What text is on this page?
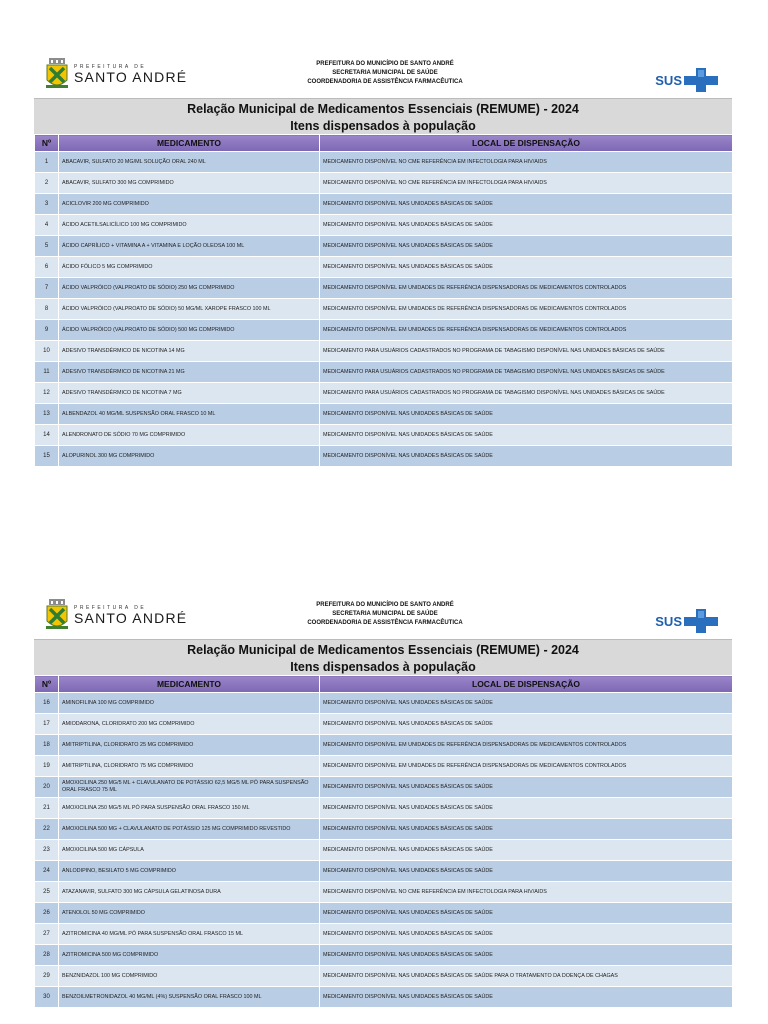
PREFEITURA DE
SANTO ANDRÉ
PREFEITURA DO MUNICÍPIO DE SANTO ANDRÉ
SECRETARIA MUNICIPAL DE SAÚDE
COORDENADORIA DE ASSISTÊNCIA FARMACÊUTICA	SUS
Relação Municipal de Medicamentos Essenciais (REMUME) - 2024
Itens dispensados à população
Nº	MEDICAMENTO	LOCAL DE DISPENSAÇÃO
1	ABACAVIR, SULFATO 20 MG/ML SOLUÇÃO ORAL 240 ML	MEDICAMENTO DISPONÍVEL NO CME REFERÊNCIA EM INFECTOLOGIA PARA HIV/AIDS
2	ABACAVIR, SULFATO 300 MG COMPRIMIDO	MEDICAMENTO DISPONÍVEL NO CME REFERÊNCIA EM INFECTOLOGIA PARA HIV/AIDS
3	ACICLOVIR 200 MG COMPRIMIDO	MEDICAMENTO DISPONÍVEL NAS UNIDADES BÁSICAS DE SAÚDE
4	ÁCIDO ACETILSALICÍLICO 100 MG COMPRIMIDO	MEDICAMENTO DISPONÍVEL NAS UNIDADES BÁSICAS DE SAÚDE
5	ÁCIDO CAPRÍLICO + VITAMINA A + VITAMINA E LOÇÃO OLEOSA 100 ML	MEDICAMENTO DISPONÍVEL NAS UNIDADES BÁSICAS DE SAÚDE
6	ÁCIDO FÓLICO 5 MG COMPRIMIDO	MEDICAMENTO DISPONÍVEL NAS UNIDADES BÁSICAS DE SAÚDE
7	ÁCIDO VALPRÓICO (VALPROATO DE SÓDIO) 250 MG COMPRIMIDO	MEDICAMENTO DISPONÍVEL EM UNIDADES DE REFERÊNCIA DISPENSADORAS DE MEDICAMENTOS CONTROLADOS
8	ÁCIDO VALPRÓICO (VALPROATO DE SÓDIO) 50 MG/ML XAROPE FRASCO 100 ML	MEDICAMENTO DISPONÍVEL EM UNIDADES DE REFERÊNCIA DISPENSADORAS DE MEDICAMENTOS CONTROLADOS
9	ÁCIDO VALPRÓICO (VALPROATO DE SÓDIO) 500 MG COMPRIMIDO	MEDICAMENTO DISPONÍVEL EM UNIDADES DE REFERÊNCIA DISPENSADORAS DE MEDICAMENTOS CONTROLADOS
10	ADESIVO TRANSDÉRMICO DE NICOTINA 14 MG	MEDICAMENTO PARA USUÁRIOS CADASTRADOS NO PROGRAMA DE TABAGISMO DISPONÍVEL NAS UNIDADES BÁSICAS DE SAÚDE
11	ADESIVO TRANSDÉRMICO DE NICOTINA 21 MG	MEDICAMENTO PARA USUÁRIOS CADASTRADOS NO PROGRAMA DE TABAGISMO DISPONÍVEL NAS UNIDADES BÁSICAS DE SAÚDE
12	ADESIVO TRANSDÉRMICO DE NICOTINA 7 MG	MEDICAMENTO PARA USUÁRIOS CADASTRADOS NO PROGRAMA DE TABAGISMO DISPONÍVEL NAS UNIDADES BÁSICAS DE SAÚDE
13	ALBENDAZOL 40 MG/ML SUSPENSÃO ORAL FRASCO 10 ML	MEDICAMENTO DISPONÍVEL NAS UNIDADES BÁSICAS DE SAÚDE
14	ALENDRONATO DE SÓDIO 70 MG COMPRIMIDO	MEDICAMENTO DISPONÍVEL NAS UNIDADES BÁSICAS DE SAÚDE
15	ALOPURINOL 300 MG COMPRIMIDO	MEDICAMENTO DISPONÍVEL NAS UNIDADES BÁSICAS DE SAÚDE
PREFEITURA DE
SANTO ANDRÉ
PREFEITURA DO MUNICÍPIO DE SANTO ANDRÉ
SECRETARIA MUNICIPAL DE SAÚDE
COORDENADORIA DE ASSISTÊNCIA FARMACÊUTICA	SUS
Relação Municipal de Medicamentos Essenciais (REMUME) - 2024
Itens dispensados à população
Nº	MEDICAMENTO	LOCAL DE DISPENSAÇÃO
16	AMINOFILINA 100 MG COMPRIMIDO	MEDICAMENTO DISPONÍVEL NAS UNIDADES BÁSICAS DE SAÚDE
17	AMIODARONA, CLORIDRATO 200 MG COMPRIMIDO	MEDICAMENTO DISPONÍVEL NAS UNIDADES BÁSICAS DE SAÚDE
18	AMITRIPTILINA, CLORIDRATO 25 MG COMPRIMIDO	MEDICAMENTO DISPONÍVEL EM UNIDADES DE REFERÊNCIA DISPENSADORAS DE MEDICAMENTOS CONTROLADOS
19	AMITRIPTILINA, CLORIDRATO 75 MG COMPRIMIDO	MEDICAMENTO DISPONÍVEL EM UNIDADES DE REFERÊNCIA DISPENSADORAS DE MEDICAMENTOS CONTROLADOS
20	AMOXICILINA 250 MG/5 ML + CLAVULANATO DE POTÁSSIO 62,5 MG/5 ML PÓ PARA SUSPENSÃO ORAL FRASCO 75 ML	MEDICAMENTO DISPONÍVEL NAS UNIDADES BÁSICAS DE SAÚDE
21	AMOXICILINA 250 MG/5 ML PÓ PARA SUSPENSÃO ORAL FRASCO 150 ML	MEDICAMENTO DISPONÍVEL NAS UNIDADES BÁSICAS DE SAÚDE
22	AMOXICILINA 500 MG + CLAVULANATO DE POTÁSSIO 125 MG COMPRIMIDO REVESTIDO	MEDICAMENTO DISPONÍVEL NAS UNIDADES BÁSICAS DE SAÚDE
23	AMOXICILINA 500 MG CÁPSULA	MEDICAMENTO DISPONÍVEL NAS UNIDADES BÁSICAS DE SAÚDE
24	ANLODIPINO, BESILATO 5 MG COMPRIMIDO	MEDICAMENTO DISPONÍVEL NAS UNIDADES BÁSICAS DE SAÚDE
25	ATAZANAVIR, SULFATO 300 MG CÁPSULA GELATINOSA DURA	MEDICAMENTO DISPONÍVEL NO CME REFERÊNCIA EM INFECTOLOGIA PARA HIV/AIDS
26	ATENOLOL 50 MG COMPRIMIDO	MEDICAMENTO DISPONÍVEL NAS UNIDADES BÁSICAS DE SAÚDE
27	AZITROMICINA 40 MG/ML PÓ PARA SUSPENSÃO ORAL FRASCO 15 ML	MEDICAMENTO DISPONÍVEL NAS UNIDADES BÁSICAS DE SAÚDE
28	AZITROMICINA 500 MG COMPRIMIDO	MEDICAMENTO DISPONÍVEL NAS UNIDADES BÁSICAS DE SAÚDE
29	BENZNIDAZOL 100 MG COMPRIMIDO	MEDICAMENTO DISPONÍVEL NAS UNIDADES BÁSICAS DE SAÚDE PARA O TRATAMENTO DA DOENÇA DE CHAGAS
30	BENZOILMETRONIDAZOL 40 MG/ML (4%) SUSPENSÃO ORAL FRASCO 100 ML	MEDICAMENTO DISPONÍVEL NAS UNIDADES BÁSICAS DE SAÚDE
